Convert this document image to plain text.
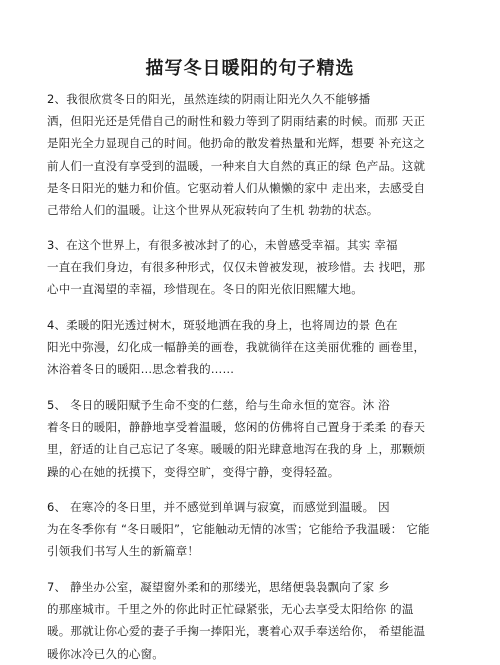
描写冬日暖阳的句子精选

2、我很欣赏冬日的阳光，虽然连续的阴雨让阳光久久不能够播
洒，但阳光还是凭借自己的耐性和毅力等到了阴雨结素的时候。而那 天正
是阳光全力显现自己的时间。他扔命的散发着热量和光辉，想要 补充这之
前人们一直没有享受到的温暖，一种来自大自然的真正的绿 色产品。这就
是冬日阳光的魅力和价值。它驱动着人们从懒懒的家中 走出来，去感受自
己带给人们的温暖。让这个世界从死寂转向了生机 勃勃的状态。

3、在这个世界上，有很多被冰封了的心，未曾感受幸福。其实 幸福
一直在我们身边，有很多种形式，仅仅未曾被发现，被珍惜。去 找吧，那
心中一直渴望的幸福，珍惜现在。冬日的阳光依旧熙耀大地。

4、柔暖的阳光透过树木，斑驳地洒在我的身上，也将周边的景 色在
阳光中弥漫，幻化成一幅静美的画卷，我就徜徉在这美丽优雅的 画卷里，
沐浴着冬日的暖阳…思念着我的……

5、 冬日的暖阳赋予生命不变的仁慈，给与生命永恒的宽容。沐 浴
着冬日的暖阳，静静地享受着温暖，悠闲的仿佛将自己置身于柔柔 的春天
里，舒适的让自己忘记了冬寒。暖暖的阳光肆意地泻在我的身 上，那颗烦
躁的心在她的抚摸下，变得空旷，变得宁静，变得轻盈。

6、 在寒冷的冬日里，并不感觉到单调与寂寞，而感觉到温暖。 因
为在冬季你有 “冬日暖阳”，它能触动无情的冰雪；它能给予我温暖： 它能
引领我们书写人生的新篇章！

7、 静坐办公室，凝望窗外柔和的那缕光，思绪便袅袅飘向了家 乡
的那座城市。千里之外的你此时正忙碌紧张，无心去享受太阳给你 的温
暖。那就让你心爱的妻子手掬一捧阳光，裹着心双手奉送给你， 希望能温
暖你冰冷已久的心窗。
